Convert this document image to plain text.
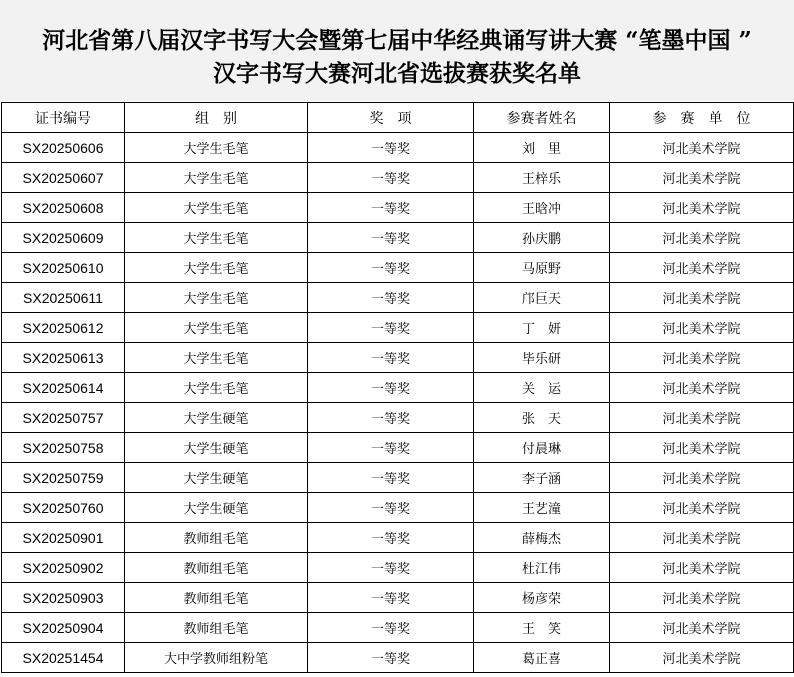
河北省第八届汉字书写大会暨第七届中华经典诵写讲大赛 “笔墨中国 ”
汉字书写大赛河北省选拔赛获奖名单
证书编号	组　别	奖　项	参赛者姓名	参　赛　单　位
SX20250606	大学生毛笔	一等奖	刘　里	河北美术学院
SX20250607	大学生毛笔	一等奖	王梓乐	河北美术学院
SX20250608	大学生毛笔	一等奖	王晗冲	河北美术学院
SX20250609	大学生毛笔	一等奖	孙庆鹏	河北美术学院
SX20250610	大学生毛笔	一等奖	马原野	河北美术学院
SX20250611	大学生毛笔	一等奖	邝巨天	河北美术学院
SX20250612	大学生毛笔	一等奖	丁　妍	河北美术学院
SX20250613	大学生毛笔	一等奖	毕乐研	河北美术学院
SX20250614	大学生毛笔	一等奖	关　运	河北美术学院
SX20250757	大学生硬笔	一等奖	张　天	河北美术学院
SX20250758	大学生硬笔	一等奖	付晨琳	河北美术学院
SX20250759	大学生硬笔	一等奖	李子涵	河北美术学院
SX20250760	大学生硬笔	一等奖	王艺潼	河北美术学院
SX20250901	教师组毛笔	一等奖	薛梅杰	河北美术学院
SX20250902	教师组毛笔	一等奖	杜江伟	河北美术学院
SX20250903	教师组毛笔	一等奖	杨彦荣	河北美术学院
SX20250904	教师组毛笔	一等奖	王　笑	河北美术学院
SX20251454	大中学教师组粉笔	一等奖	葛正喜	河北美术学院
